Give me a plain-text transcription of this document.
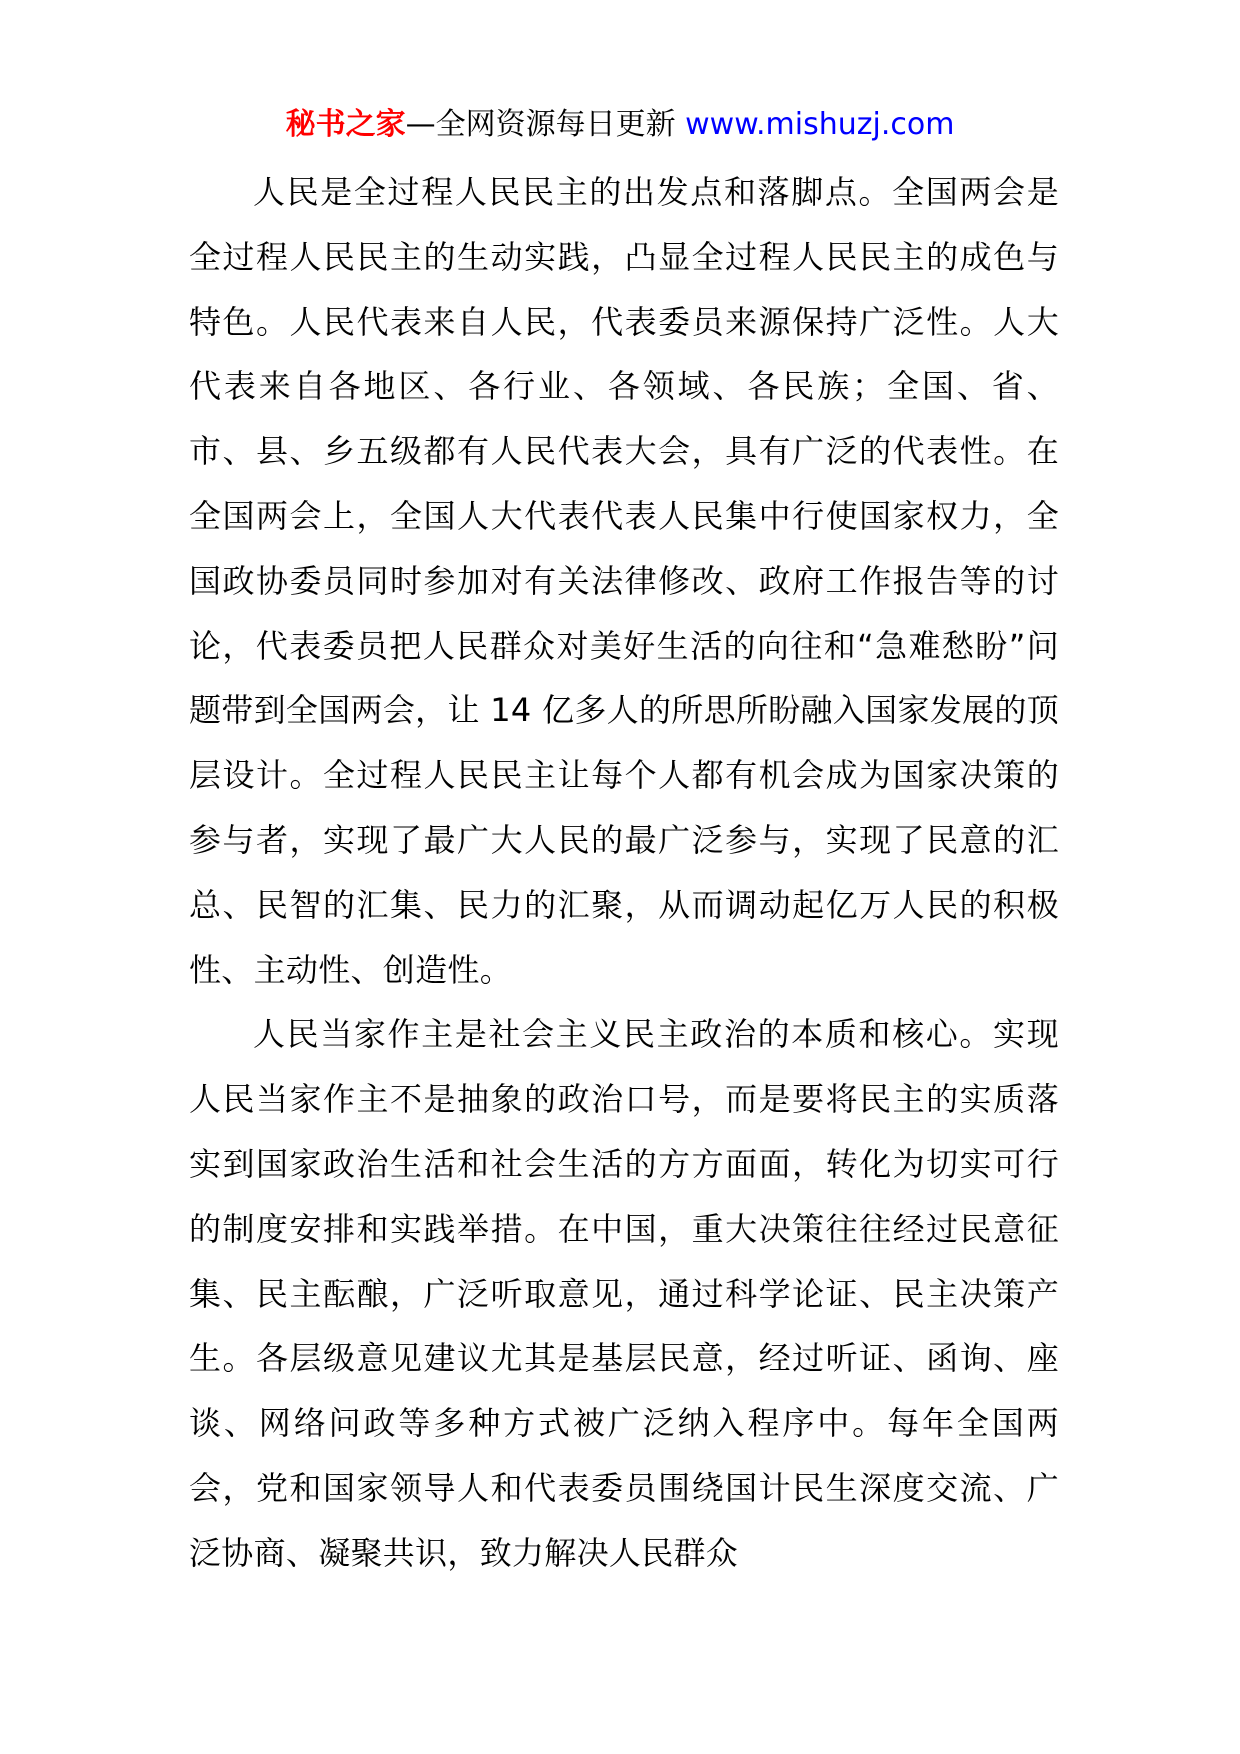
秘书之家—全网资源每日更新 www.mishuzj.com

人民是全过程人民民主的出发点和落脚点。全国两会是全过程人民民主的生动实践，凸显全过程人民民主的成色与特色。人民代表来自人民，代表委员来源保持广泛性。人大代表来自各地区、各行业、各领域、各民族；全国、省、市、县、乡五级都有人民代表大会，具有广泛的代表性。在全国两会上，全国人大代表代表人民集中行使国家权力，全国政协委员同时参加对有关法律修改、政府工作报告等的讨论，代表委员把人民群众对美好生活的向往和“急难愁盼”问题带到全国两会，让 14 亿多人的所思所盼融入国家发展的顶层设计。全过程人民民主让每个人都有机会成为国家决策的参与者，实现了最广大人民的最广泛参与，实现了民意的汇总、民智的汇集、民力的汇聚，从而调动起亿万人民的积极性、主动性、创造性。

人民当家作主是社会主义民主政治的本质和核心。实现人民当家作主不是抽象的政治口号，而是要将民主的实质落实到国家政治生活和社会生活的方方面面，转化为切实可行的制度安排和实践举措。在中国，重大决策往往经过民意征集、民主酝酿，广泛听取意见，通过科学论证、民主决策产生。各层级意见建议尤其是基层民意，经过听证、函询、座谈、网络问政等多种方式被广泛纳入程序中。每年全国两会，党和国家领导人和代表委员围绕国计民生深度交流、广泛协商、凝聚共识，致力解决人民群众
